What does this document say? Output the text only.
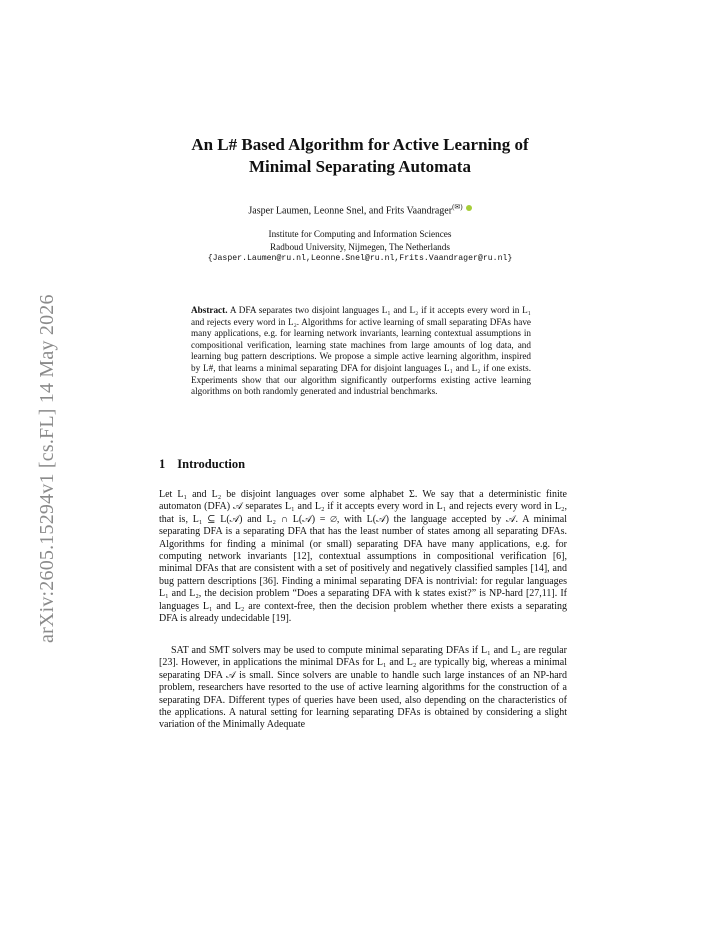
arXiv:2605.15294v1 [cs.FL] 14 May 2026
An L# Based Algorithm for Active Learning of
Minimal Separating Automata
Jasper Laumen, Leonne Snel, and Frits Vaandrager(✉)
Institute for Computing and Information Sciences
Radboud University, Nijmegen, The Netherlands
{Jasper.Laumen@ru.nl,Leonne.Snel@ru.nl,Frits.Vaandrager@ru.nl}
Abstract. A DFA separates two disjoint languages L₁ and L₂ if it accepts every word in L₁ and rejects every word in L₂. Algorithms for active learning of small separating DFAs have many applications, e.g. for learning network invariants, learning contextual assumptions in compositional verification, learning state machines from large amounts of log data, and learning bug pattern descriptions. We propose a simple active learning algorithm, inspired by L#, that learns a minimal separating DFA for disjoint languages L₁ and L₂ if one exists. Experiments show that our algorithm significantly outperforms existing active learning algorithms on both randomly generated and industrial benchmarks.
1 Introduction
Let L₁ and L₂ be disjoint languages over some alphabet Σ. We say that a deterministic finite automaton (DFA) 𝒜 separates L₁ and L₂ if it accepts every word in L₁ and rejects every word in L₂, that is, L₁ ⊆ L(𝒜) and L₂ ∩ L(𝒜) = ∅, with L(𝒜) the language accepted by 𝒜. A minimal separating DFA is a separating DFA that has the least number of states among all separating DFAs. Algorithms for finding a minimal (or small) separating DFA have many applications, e.g. for computing network invariants [12], contextual assumptions in compositional verification [6], minimal DFAs that are consistent with a set of positively and negatively classified samples [14], and bug pattern descriptions [36]. Finding a minimal separating DFA is nontrivial: for regular languages L₁ and L₂, the decision problem “Does a separating DFA with k states exist?” is NP-hard [27,11]. If languages L₁ and L₂ are context-free, then the decision problem whether there exists a separating DFA is already undecidable [19].
SAT and SMT solvers may be used to compute minimal separating DFAs if L₁ and L₂ are regular [23]. However, in applications the minimal DFAs for L₁ and L₂ are typically big, whereas a minimal separating DFA 𝒜 is small. Since solvers are unable to handle such large instances of an NP-hard problem, researchers have resorted to the use of active learning algorithms for the construction of a separating DFA. Different types of queries have been used, also depending on the characteristics of the applications. A natural setting for learning separating DFAs is obtained by considering a slight variation of the Minimally Adequate
